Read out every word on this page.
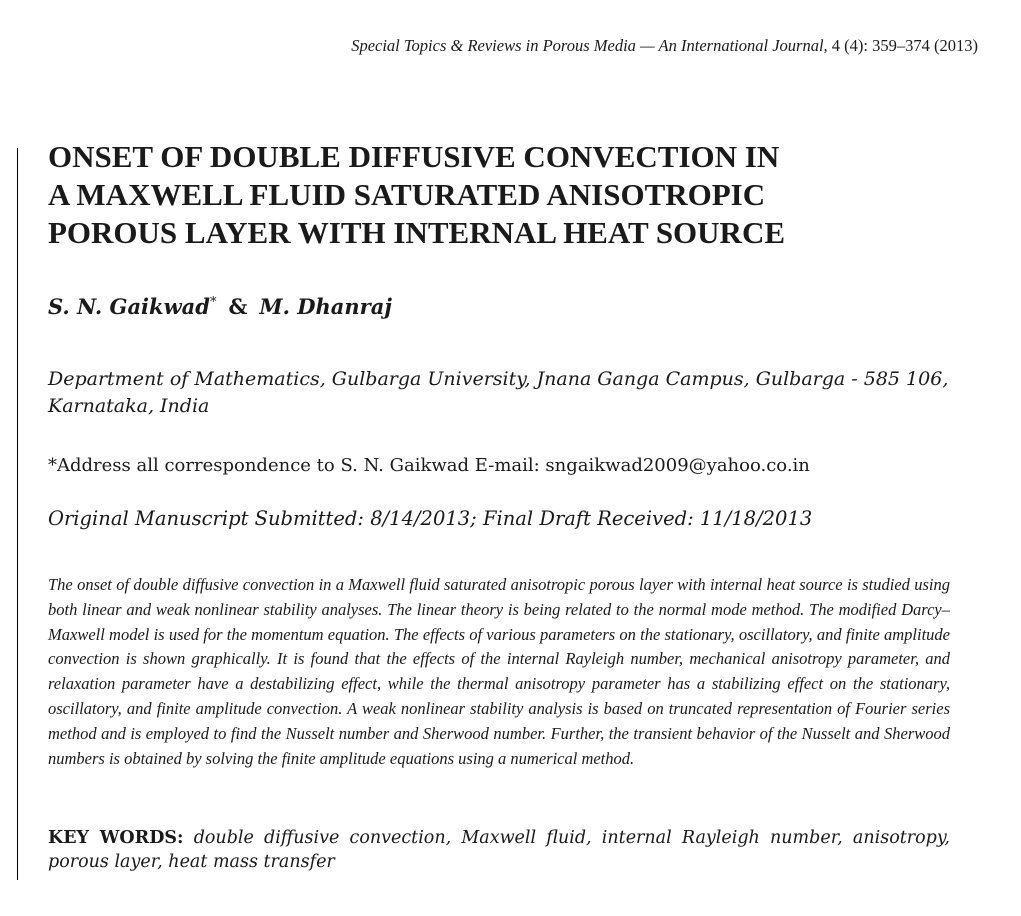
Special Topics & Reviews in Porous Media — An International Journal, 4 (4): 359–374 (2013)
ONSET OF DOUBLE DIFFUSIVE CONVECTION IN
A MAXWELL FLUID SATURATED ANISOTROPIC
POROUS LAYER WITH INTERNAL HEAT SOURCE
S. N. Gaikwad* & M. Dhanraj
Department of Mathematics, Gulbarga University, Jnana Ganga Campus, Gulbarga - 585 106,
Karnataka, India
*Address all correspondence to S. N. Gaikwad E-mail: sngaikwad2009@yahoo.co.in
Original Manuscript Submitted: 8/14/2013; Final Draft Received: 11/18/2013
The onset of double diffusive convection in a Maxwell fluid saturated anisotropic porous layer with internal heat source is studied using both linear and weak nonlinear stability analyses. The linear theory is being related to the normal mode method. The modified Darcy–Maxwell model is used for the momentum equation. The effects of various parameters on the stationary, oscillatory, and finite amplitude convection is shown graphically. It is found that the effects of the internal Rayleigh number, mechanical anisotropy parameter, and relaxation parameter have a destabilizing effect, while the thermal anisotropy parameter has a stabilizing effect on the stationary, oscillatory, and finite amplitude convection. A weak nonlinear stability analysis is based on truncated representation of Fourier series method and is employed to find the Nusselt number and Sherwood number. Further, the transient behavior of the Nusselt and Sherwood numbers is obtained by solving the finite amplitude equations using a numerical method.
KEY WORDS: double diffusive convection, Maxwell fluid, internal Rayleigh number, anisotropy, porous layer, heat mass transfer
